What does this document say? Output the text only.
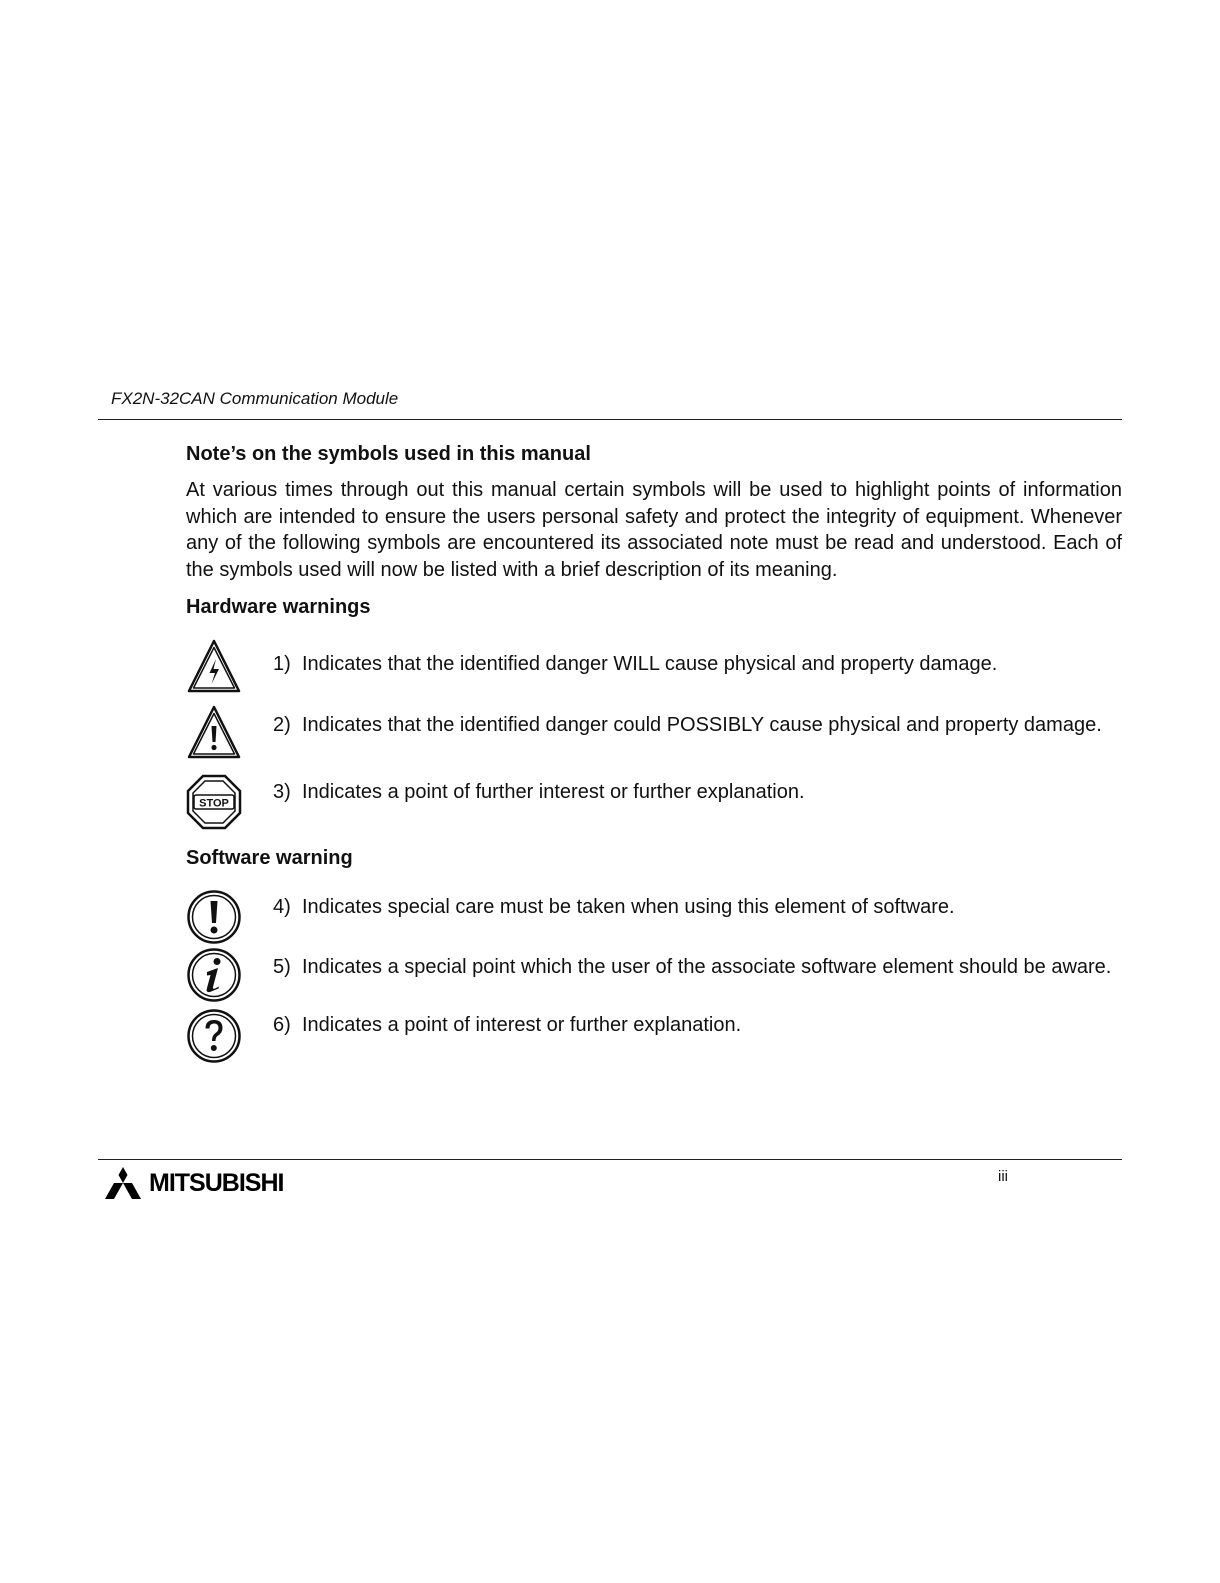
FX2N-32CAN Communication Module
Note’s on the symbols used in this manual

At various times through out this manual certain symbols will be used to highlight points of information which are intended to ensure the users personal safety and protect the integrity of equipment. Whenever any of the following symbols are encountered its associated note must be read and understood. Each of the symbols used will now be listed with a brief description of its meaning.

Hardware warnings
1) Indicates that the identified danger WILL cause physical and property damage.
2) Indicates that the identified danger could POSSIBLY cause physical and property damage.
STOP
3) Indicates a point of further interest or further explanation.
Software warning
4) Indicates special care must be taken when using this element of software.
5) Indicates a special point which the user of the associate software element should be aware.
6) Indicates a point of interest or further explanation.
MITSUBISHI	iii
